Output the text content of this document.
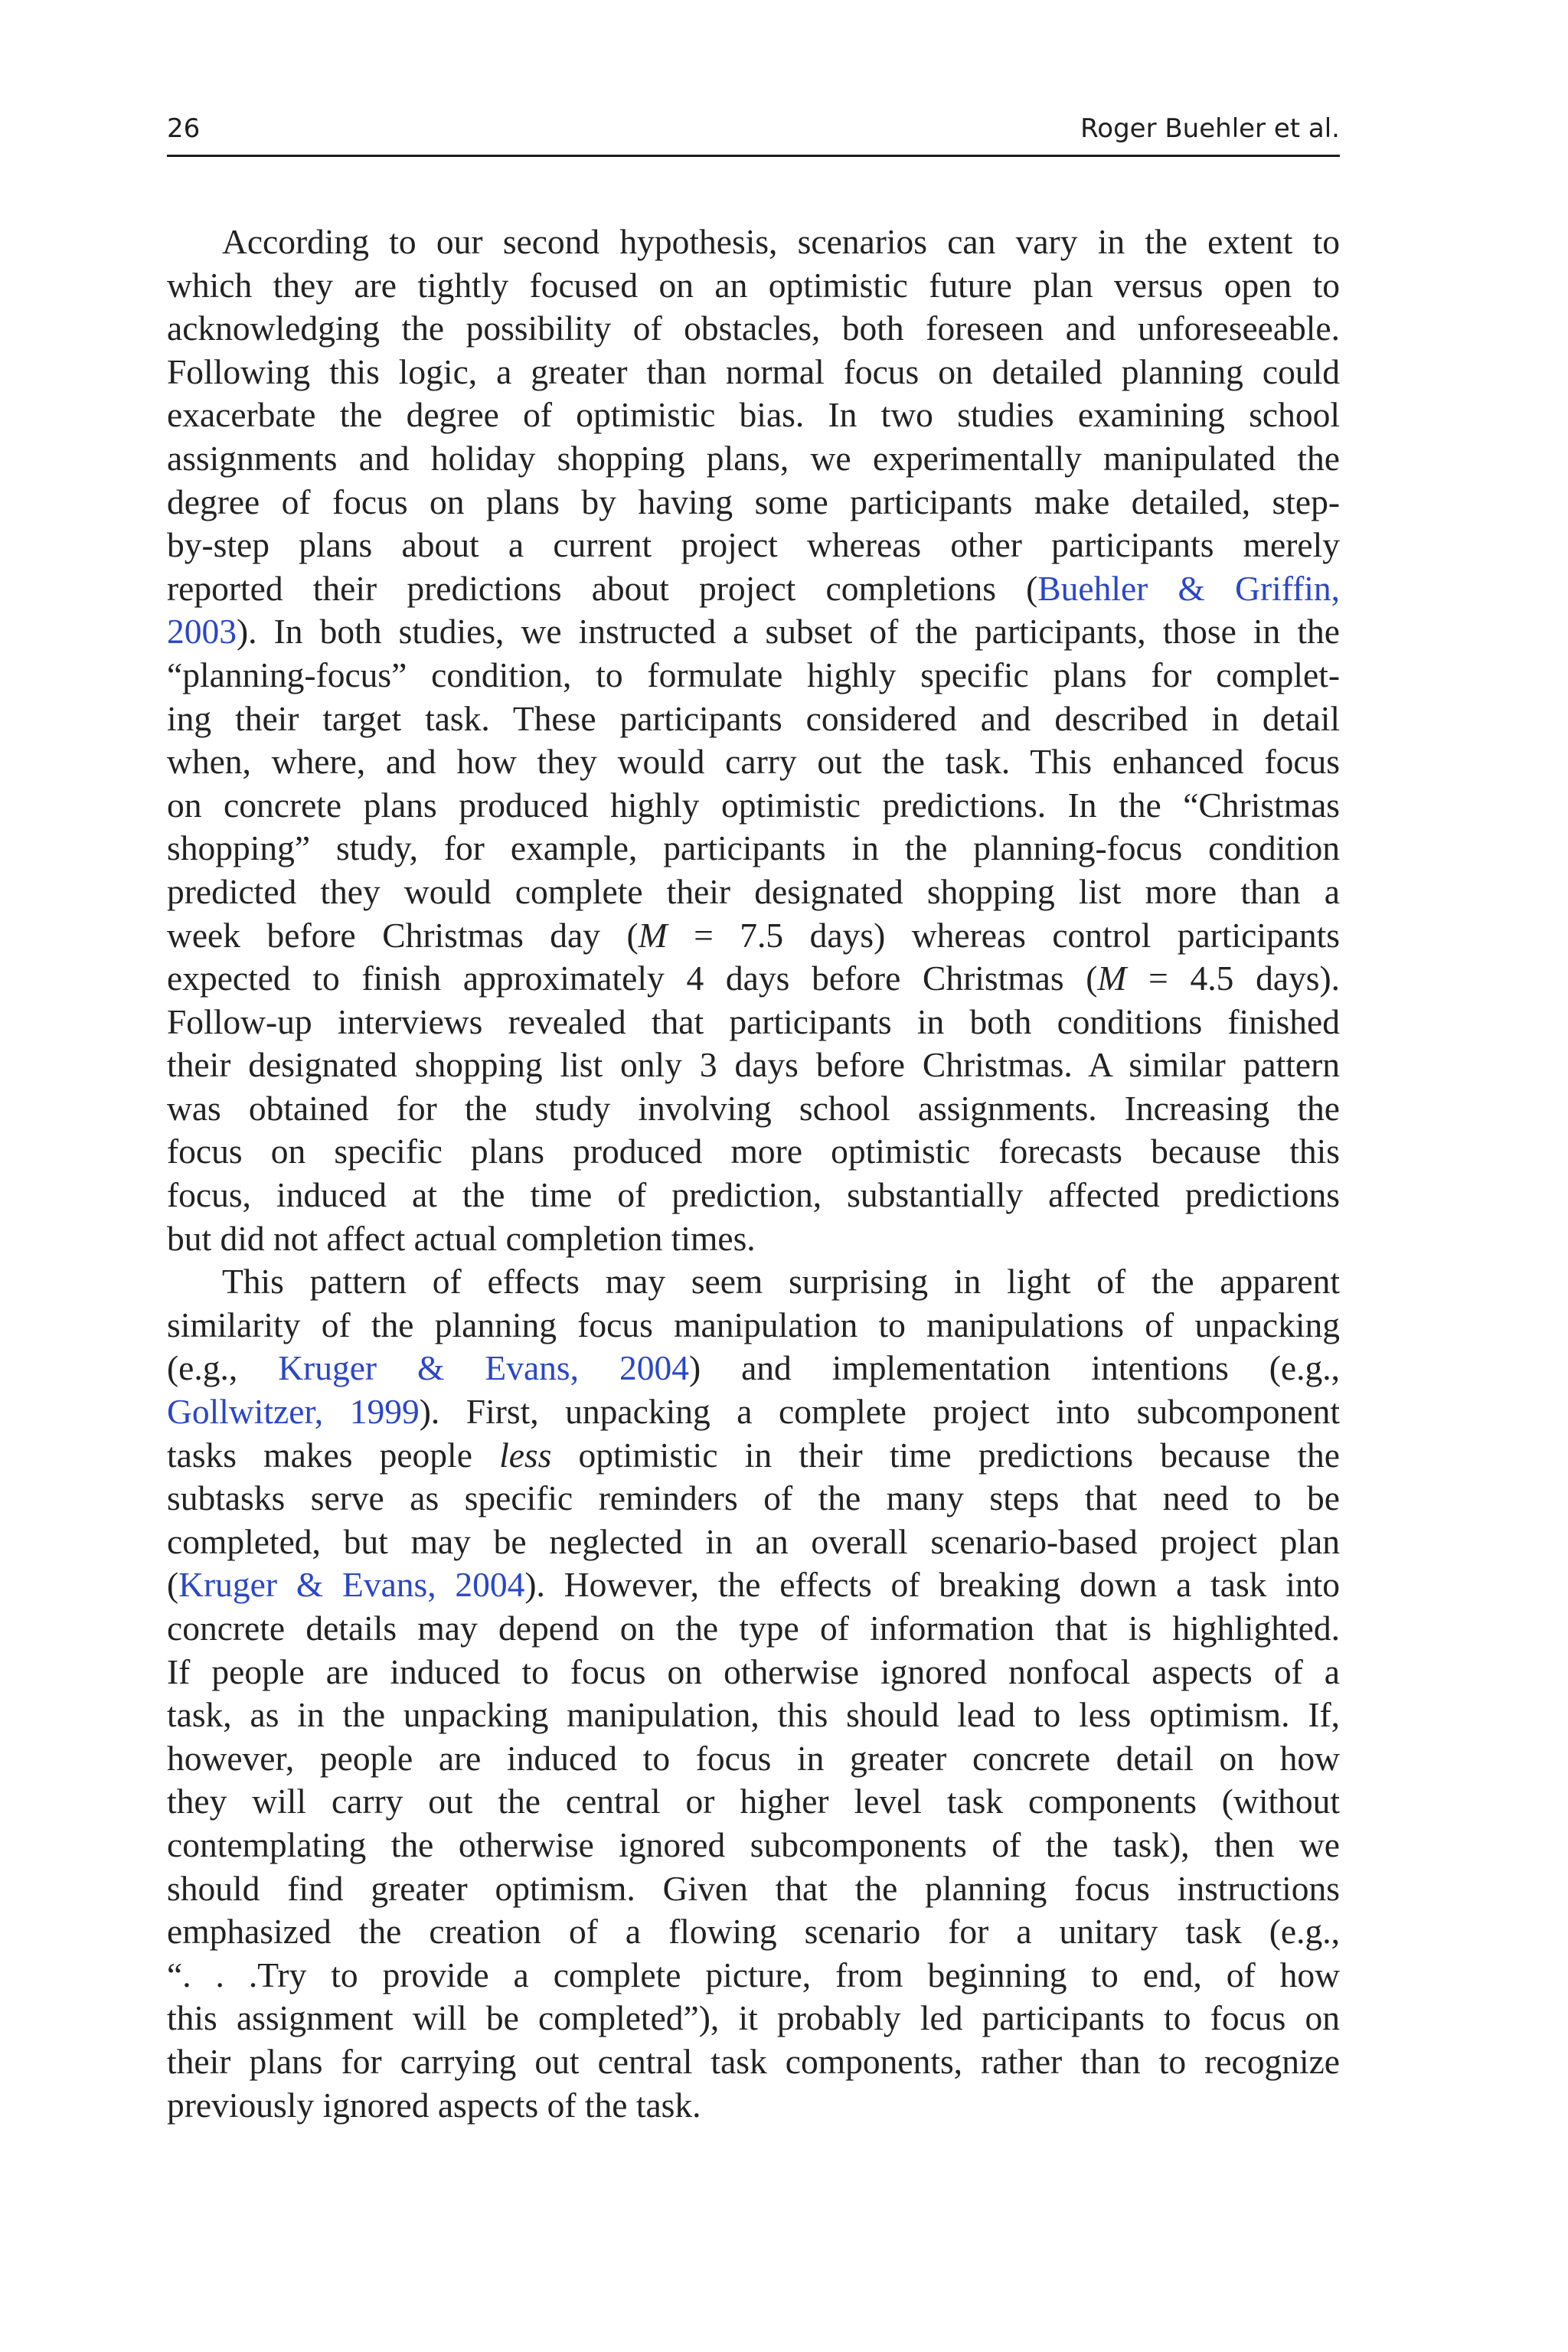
26	Roger Buehler et al.
According to our second hypothesis, scenarios can vary in the extent to
which they are tightly focused on an optimistic future plan versus open to
acknowledging the possibility of obstacles, both foreseen and unforeseeable.
Following this logic, a greater than normal focus on detailed planning could
exacerbate the degree of optimistic bias. In two studies examining school
assignments and holiday shopping plans, we experimentally manipulated the
degree of focus on plans by having some participants make detailed, step-
by-step plans about a current project whereas other participants merely
reported their predictions about project completions (Buehler & Griffin,
2003). In both studies, we instructed a subset of the participants, those in the
“planning-focus” condition, to formulate highly specific plans for complet-
ing their target task. These participants considered and described in detail
when, where, and how they would carry out the task. This enhanced focus
on concrete plans produced highly optimistic predictions. In the “Christmas
shopping” study, for example, participants in the planning-focus condition
predicted they would complete their designated shopping list more than a
week before Christmas day (M = 7.5 days) whereas control participants
expected to finish approximately 4 days before Christmas (M = 4.5 days).
Follow-up interviews revealed that participants in both conditions finished
their designated shopping list only 3 days before Christmas. A similar pattern
was obtained for the study involving school assignments. Increasing the
focus on specific plans produced more optimistic forecasts because this
focus, induced at the time of prediction, substantially affected predictions
but did not affect actual completion times.
This pattern of effects may seem surprising in light of the apparent
similarity of the planning focus manipulation to manipulations of unpacking
(e.g., Kruger & Evans, 2004) and implementation intentions (e.g.,
Gollwitzer, 1999). First, unpacking a complete project into subcomponent
tasks makes people less optimistic in their time predictions because the
subtasks serve as specific reminders of the many steps that need to be
completed, but may be neglected in an overall scenario-based project plan
(Kruger & Evans, 2004). However, the effects of breaking down a task into
concrete details may depend on the type of information that is highlighted.
If people are induced to focus on otherwise ignored nonfocal aspects of a
task, as in the unpacking manipulation, this should lead to less optimism. If,
however, people are induced to focus in greater concrete detail on how
they will carry out the central or higher level task components (without
contemplating the otherwise ignored subcomponents of the task), then we
should find greater optimism. Given that the planning focus instructions
emphasized the creation of a flowing scenario for a unitary task (e.g.,
“. . .Try to provide a complete picture, from beginning to end, of how
this assignment will be completed”), it probably led participants to focus on
their plans for carrying out central task components, rather than to recognize
previously ignored aspects of the task.
